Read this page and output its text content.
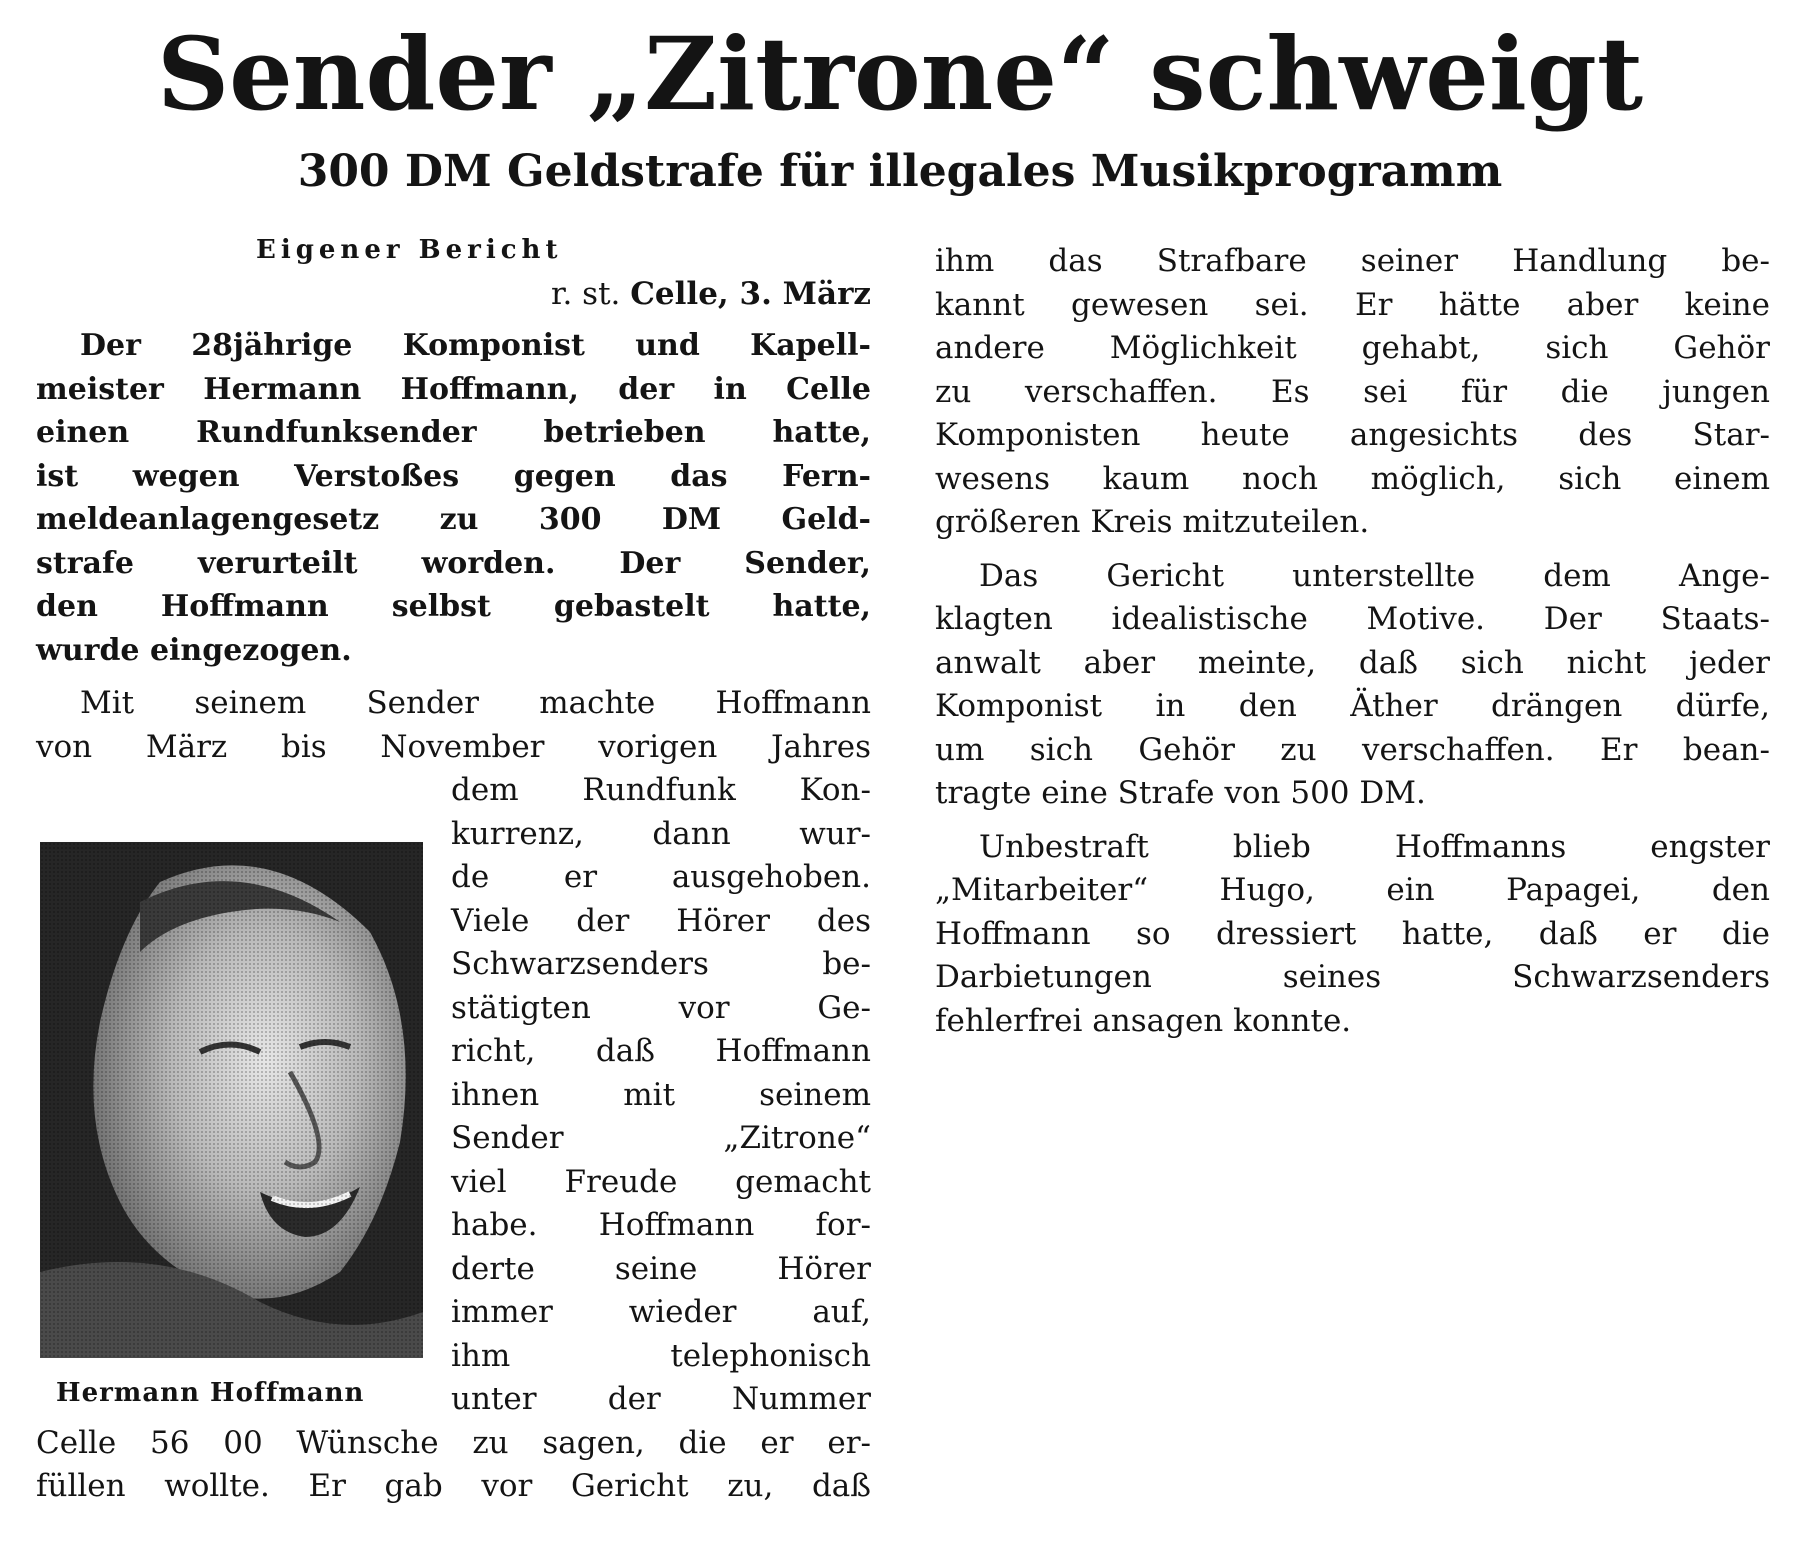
Sender „Zitrone“ schweigt
300 DM Geldstrafe für illegales Musikprogramm
Eigener Bericht
r. st. Celle, 3. März
Der 28jährige Komponist und Kapell-
meister Hermann Hoffmann, der in Celle
einen Rundfunksender betrieben hatte,
ist wegen Verstoßes gegen das Fern-
meldeanlagengesetz zu 300 DM Geld-
strafe verurteilt worden. Der Sender,
den Hoffmann selbst gebastelt hatte,
wurde eingezogen.
Mit seinem Sender machte Hoffmann
von März bis November vorigen Jahres
dem Rundfunk Kon-
kurrenz, dann wur-
de er ausgehoben.
Viele der Hörer des
Schwarzsenders be-
stätigten vor Ge-
richt, daß Hoffmann
ihnen mit seinem
Sender „Zitrone“
viel Freude gemacht
habe. Hoffmann for-
derte seine Hörer
immer wieder auf,
ihm telephonisch
unter der Nummer
Celle 56 00 Wünsche zu sagen, die er er-
füllen wollte. Er gab vor Gericht zu, daß
Hermann Hoffmann
ihm das Strafbare seiner Handlung be-
kannt gewesen sei. Er hätte aber keine
andere Möglichkeit gehabt, sich Gehör
zu verschaffen. Es sei für die jungen
Komponisten heute angesichts des Star-
wesens kaum noch möglich, sich einem
größeren Kreis mitzuteilen.
Das Gericht unterstellte dem Ange-
klagten idealistische Motive. Der Staats-
anwalt aber meinte, daß sich nicht jeder
Komponist in den Äther drängen dürfe,
um sich Gehör zu verschaffen. Er bean-
tragte eine Strafe von 500 DM.
Unbestraft blieb Hoffmanns engster
„Mitarbeiter“ Hugo, ein Papagei, den
Hoffmann so dressiert hatte, daß er die
Darbietungen seines Schwarzsenders
fehlerfrei ansagen konnte.
